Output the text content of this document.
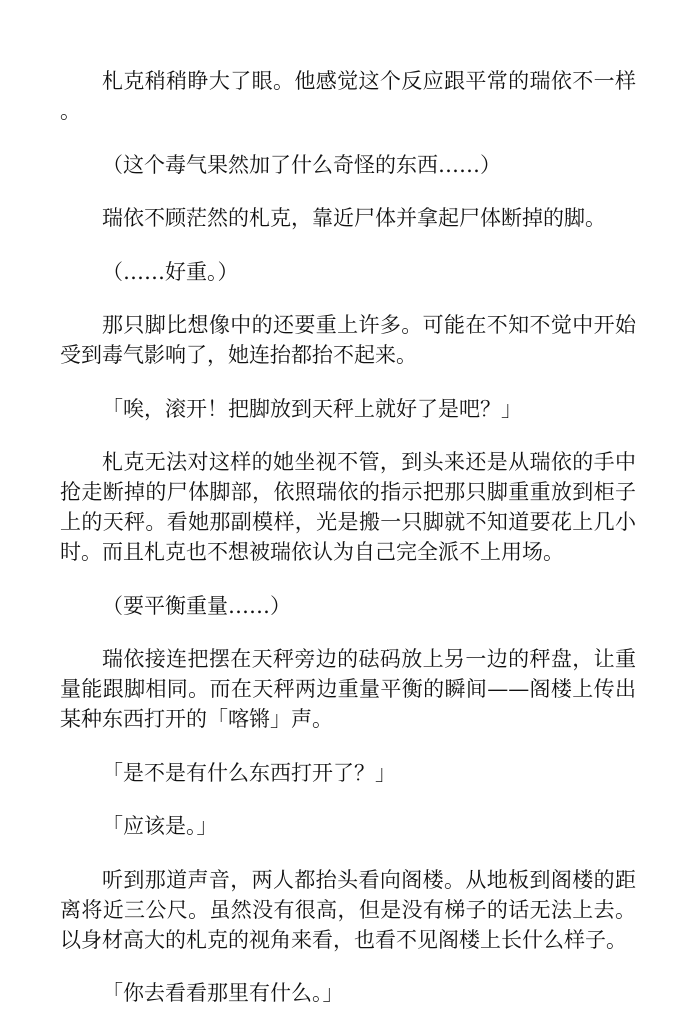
札克稍稍睁大了眼。他感觉这个反应跟平常的瑞依不一样。

（这个毒气果然加了什么奇怪的东西……）

瑞依不顾茫然的札克，靠近尸体并拿起尸体断掉的脚。

（……好重。）

那只脚比想像中的还要重上许多。可能在不知不觉中开始受到毒气影响了，她连抬都抬不起来。

「唉，滚开！把脚放到天秤上就好了是吧？」

札克无法对这样的她坐视不管，到头来还是从瑞依的手中抢走断掉的尸体脚部，依照瑞依的指示把那只脚重重放到柜子上的天秤。看她那副模样，光是搬一只脚就不知道要花上几小时。而且札克也不想被瑞依认为自己完全派不上用场。

（要平衡重量……）

瑞依接连把摆在天秤旁边的砝码放上另一边的秤盘，让重量能跟脚相同。而在天秤两边重量平衡的瞬间——阁楼上传出某种东西打开的「喀锵」声。

「是不是有什么东西打开了？」

「应该是。」

听到那道声音，两人都抬头看向阁楼。从地板到阁楼的距离将近三公尺。虽然没有很高，但是没有梯子的话无法上去。以身材高大的札克的视角来看，也看不见阁楼上长什么样子。

「你去看看那里有什么。」
